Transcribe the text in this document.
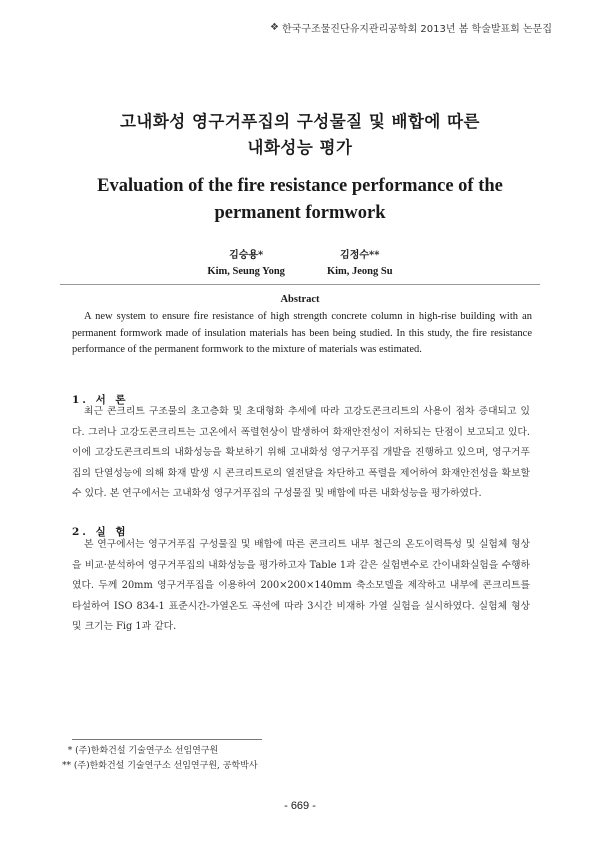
❖ 한국구조물진단유지관리공학회 2013년 봄 학술발표회 논문집
고내화성 영구거푸집의 구성물질 및 배합에 따른
내화성능 평가
Evaluation of the fire resistance performance of the
permanent formwork
김승용*
Kim, Seung Yong
김정수**
Kim, Jeong Su
Abstract
A new system to ensure fire resistance of high strength concrete column in high-rise building with an permanent formwork made of insulation materials has been being studied. In this study, the fire resistance performance of the permanent formwork to the mixture of materials was estimated.
1. 서 론
최근 콘크리트 구조물의 초고층화 및 초대형화 추세에 따라 고강도콘크리트의 사용이 점차 증대되고 있다. 그러나 고강도콘크리트는 고온에서 폭렬현상이 발생하여 화재안전성이 저하되는 단점이 보고되고 있다. 이에 고강도콘크리트의 내화성능을 확보하기 위해 고내화성 영구거푸집 개발을 진행하고 있으며, 영구거푸집의 단열성능에 의해 화재 발생 시 콘크리트로의 열전달을 차단하고 폭렬을 제어하여 화재안전성을 확보할 수 있다. 본 연구에서는 고내화성 영구거푸집의 구성물질 및 배합에 따른 내화성능을 평가하였다.
2. 실 험
본 연구에서는 영구거푸집 구성물질 및 배합에 따른 콘크리트 내부 철근의 온도이력특성 및 실험체 형상을 비교·분석하여 영구거푸집의 내화성능을 평가하고자 Table 1과 같은 실험변수로 간이내화실험을 수행하였다. 두께 20mm 영구거푸집을 이용하여 200×200×140mm 축소모델을 제작하고 내부에 콘크리트를 타설하여 ISO 834-1 표준시간-가열온도 곡선에 따라 3시간 비재하 가열 실험을 실시하였다. 실험체 형상 및 크기는 Fig 1과 같다.
* (주)한화건설 기술연구소 선임연구원
** (주)한화건설 기술연구소 선임연구원, 공학박사
- 669 -
